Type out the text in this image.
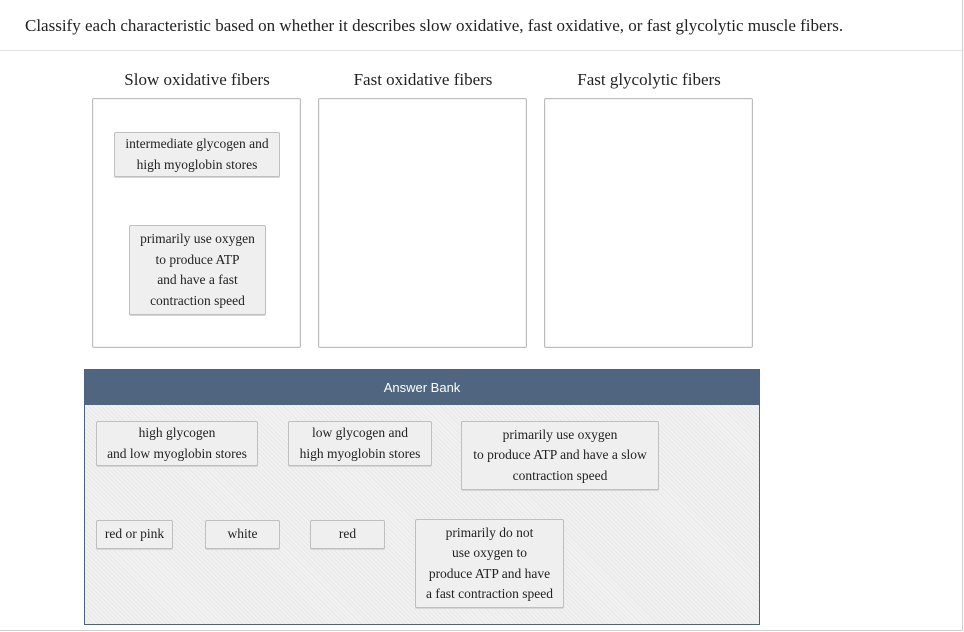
Classify each characteristic based on whether it describes slow oxidative, fast oxidative, or fast glycolytic muscle fibers.
Slow oxidative fibers	Fast oxidative fibers	Fast glycolytic fibers
intermediate glycogen and
high myoglobin stores
primarily use oxygen
to produce ATP
and have a fast
contraction speed
Answer Bank
high glycogen
and low myoglobin stores
low glycogen and
high myoglobin stores
primarily use oxygen
to produce ATP and have a slow
contraction speed
red or pink	white	red	primarily do not
use oxygen to
produce ATP and have
a fast contraction speed
